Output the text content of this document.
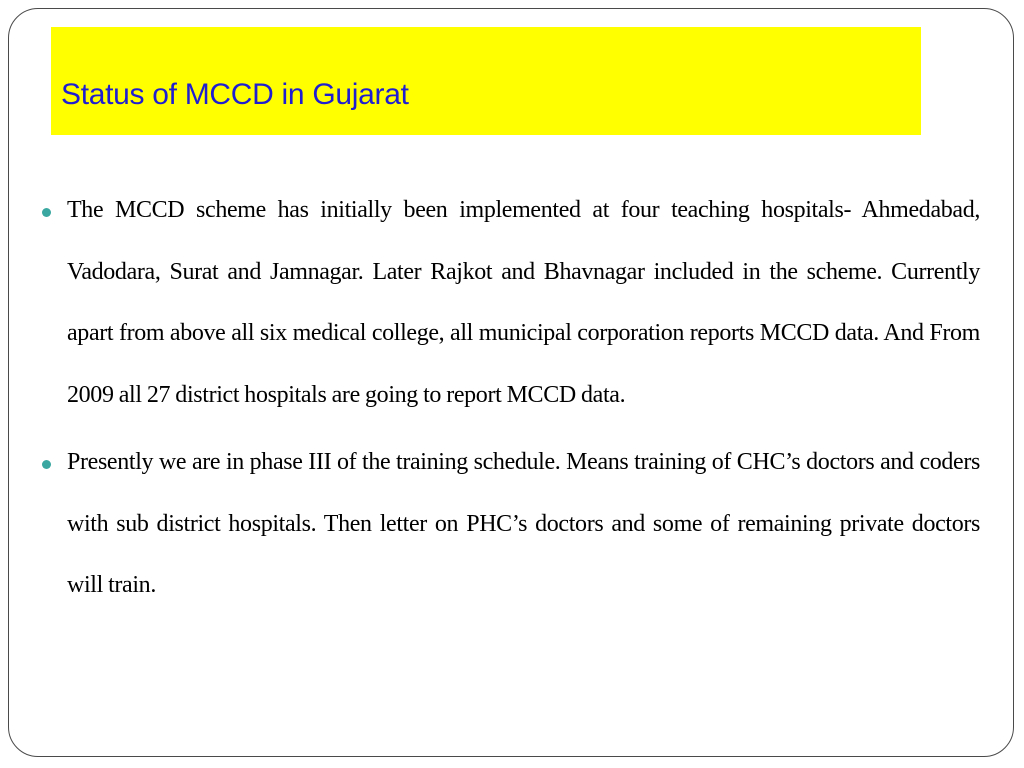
Status of MCCD in Gujarat
The MCCD scheme has initially been implemented at four teaching hospitals- Ahmedabad, Vadodara, Surat and Jamnagar. Later Rajkot and Bhavnagar included in the scheme. Currently apart from above all six medical college, all municipal corporation reports MCCD data. And From 2009 all 27 district hospitals are going to report MCCD data.
Presently we are in phase III of the training schedule. Means training of CHC’s doctors and coders with sub district hospitals. Then letter on PHC’s doctors and some of remaining private doctors will train.
